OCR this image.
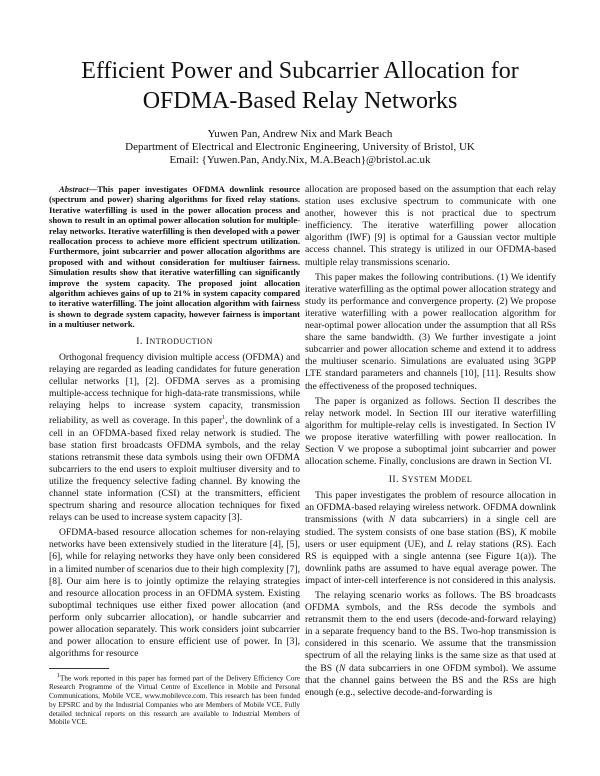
Efficient Power and Subcarrier Allocation for
OFDMA-Based Relay Networks
Yuwen Pan, Andrew Nix and Mark Beach
Department of Electrical and Electronic Engineering, University of Bristol, UK
Email: {Yuwen.Pan, Andy.Nix, M.A.Beach}@bristol.ac.uk

Abstract—This paper investigates OFDMA downlink resource (spectrum and power) sharing algorithms for fixed relay stations. Iterative waterfilling is used in the power allocation process and shown to result in an optimal power allocation solution for multiple-relay networks. Iterative waterfilling is then developed with a power reallocation process to achieve more efficient spectrum utilization. Furthermore, joint subcarrier and power allocation algorithms are proposed with and without consideration for multiuser fairness. Simulation results show that iterative waterfilling can significantly improve the system capacity. The proposed joint allocation algorithm achieves gains of up to 21% in system capacity compared to iterative waterfilling. The joint allocation algorithm with fairness is shown to degrade system capacity, however fairness is important in a multiuser network.

I. INTRODUCTION

Orthogonal frequency division multiple access (OFDMA) and relaying are regarded as leading candidates for future generation cellular networks [1], [2]. OFDMA serves as a promising multiple-access technique for high-data-rate transmissions, while relaying helps to increase system capacity, transmission reliability, as well as coverage. In this paper$^1$, the downlink of a cell in an OFDMA-based fixed relay network is studied. The base station first broadcasts OFDMA symbols, and the relay stations retransmit these data symbols using their own OFDMA subcarriers to the end users to exploit multiuser diversity and to utilize the frequency selective fading channel. By knowing the channel state information (CSI) at the transmitters, efficient spectrum sharing and resource allocation techniques for fixed relays can be used to increase system capacity [3].

OFDMA-based resource allocation schemes for non-relaying networks have been extensively studied in the literature [4], [5], [6], while for relaying networks they have only been considered in a limited number of scenarios due to their high complexity [7], [8]. Our aim here is to jointly optimize the relaying strategies and resource allocation process in an OFDMA system. Existing suboptimal techniques use either fixed power allocation (and perform only subcarrier allocation), or handle subcarrier and power allocation separately. This work considers joint subcarrier and power allocation to ensure efficient use of power. In [3], algorithms for resource

$^1$The work reported in this paper has formed part of the Delivery Efficiency Core Research Programme of the Virtual Centre of Excellence in Mobile and Personal Communications, Mobile VCE, www.mobilevce.com. This research has been funded by EPSRC and by the Industrial Companies who are Members of Mobile VCE. Fully detailed technical reports on this research are available to Industrial Members of Mobile VCE.

allocation are proposed based on the assumption that each relay station uses exclusive spectrum to communicate with one another, however this is not practical due to spectrum inefficiency. The iterative waterfilling power allocation algorithm (IWF) [9] is optimal for a Gaussian vector multiple access channel. This strategy is utilized in our OFDMA-based multiple relay transmissions scenario.

This paper makes the following contributions. (1) We identify iterative waterfilling as the optimal power allocation strategy and study its performance and convergence property. (2) We propose iterative waterfilling with a power reallocation algorithm for near-optimal power allocation under the assumption that all RSs share the same bandwidth. (3) We further investigate a joint subcarrier and power allocation scheme and extend it to address the multiuser scenario. Simulations are evaluated using 3GPP LTE standard parameters and channels [10], [11]. Results show the effectiveness of the proposed techniques.

The paper is organized as follows. Section II describes the relay network model. In Section III our iterative waterfilling algorithm for multiple-relay cells is investigated. In Section IV we propose iterative waterfilling with power reallocation. In Section V we propose a suboptimal joint subcarrier and power allocation scheme. Finally, conclusions are drawn in Section VI.

II. SYSTEM MODEL

This paper investigates the problem of resource allocation in an OFDMA-based relaying wireless network. OFDMA downlink transmissions (with N data subcarriers) in a single cell are studied. The system consists of one base station (BS), K mobile users or user equipment (UE), and L relay stations (RS). Each RS is equipped with a single antenna (see Figure 1(a)). The downlink paths are assumed to have equal average power. The impact of inter-cell interference is not considered in this analysis.

The relaying scenario works as follows. The BS broadcasts OFDMA symbols, and the RSs decode the symbols and retransmit them to the end users (decode-and-forward relaying) in a separate frequency band to the BS. Two-hop transmission is considered in this scenario. We assume that the transmission spectrum of all the relaying links is the same size as that used at the BS (N data subcarriers in one OFDM symbol). We assume that the channel gains between the BS and the RSs are high enough (e.g., selective decode-and-forwarding is
